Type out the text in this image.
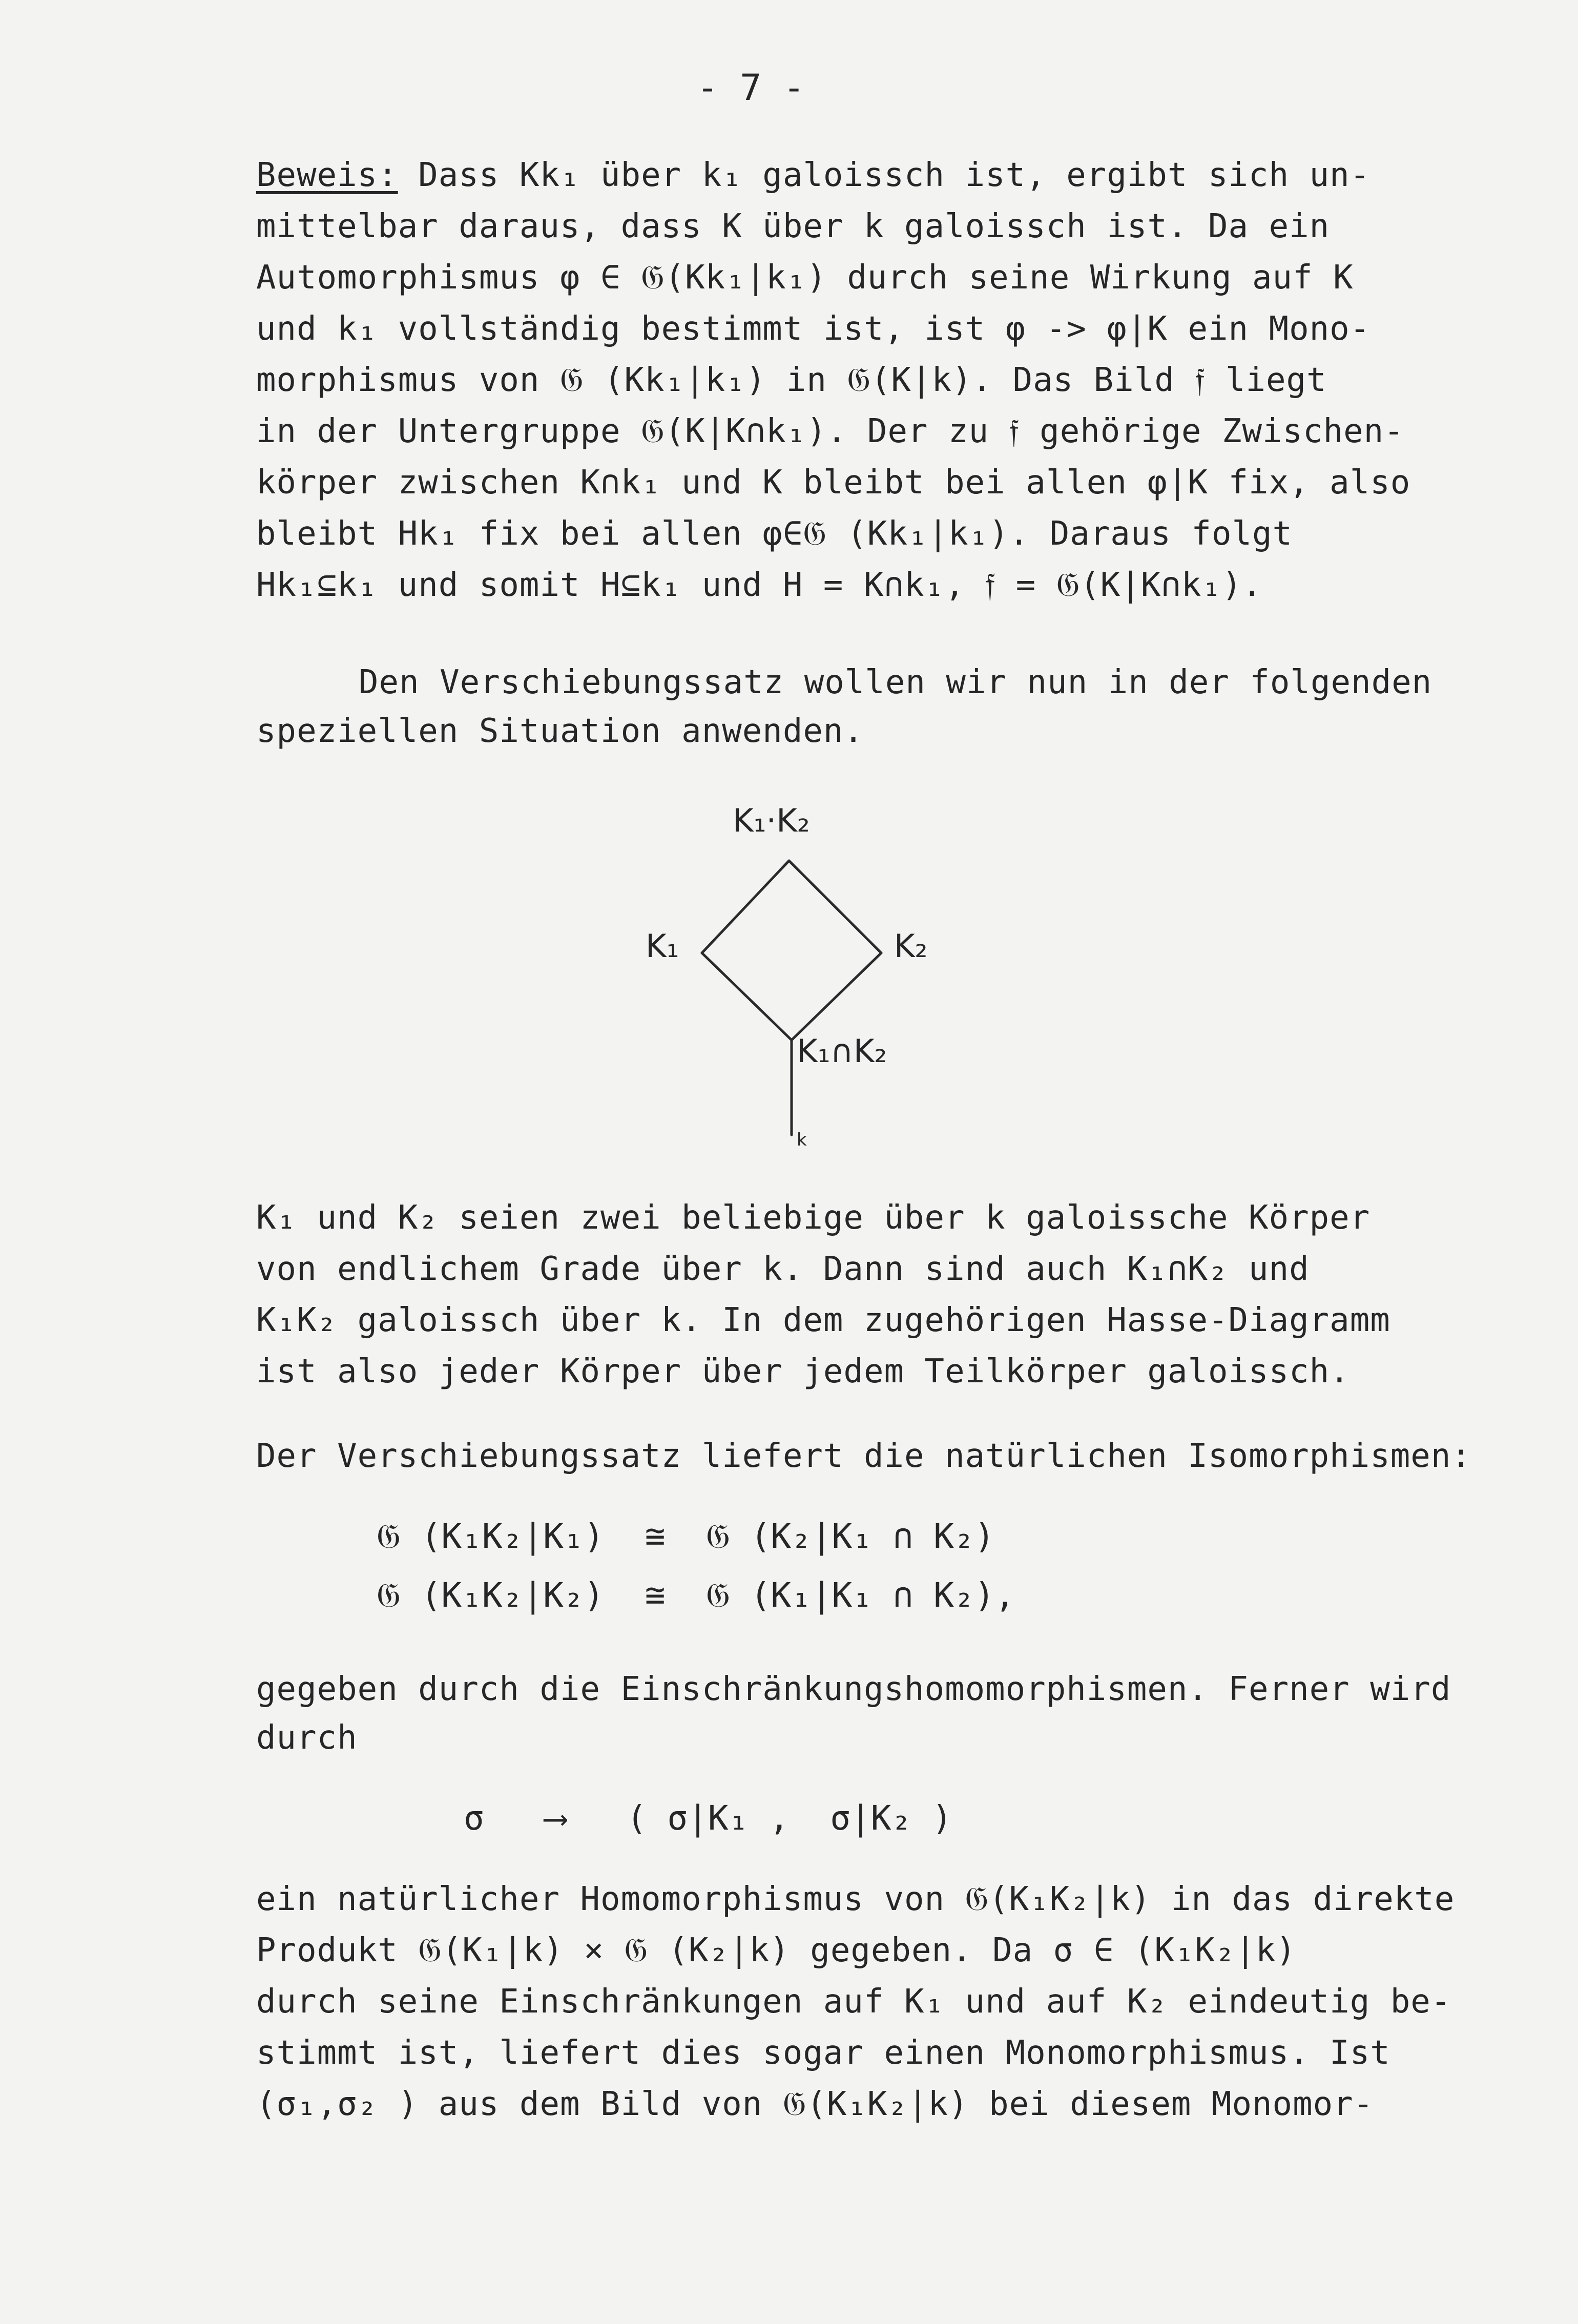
- 7 -
Beweis: Dass Kk₁ über k₁ galoissch ist, ergibt sich un-
mittelbar daraus, dass K über k galoissch ist. Da ein
Automorphismus φ ∈ 𝔊(Kk₁|k₁) durch seine Wirkung auf K
und k₁ vollständig bestimmt ist, ist φ -> φ|K ein Mono-
morphismus von 𝔊 (Kk₁|k₁) in 𝔊(K|k). Das Bild 𝔣 liegt
in der Untergruppe 𝔊(K|K∩k₁). Der zu 𝔣 gehörige Zwischen-
körper zwischen K∩k₁ und K bleibt bei allen φ|K fix, also
bleibt Hk₁ fix bei allen φ∈𝔊 (Kk₁|k₁). Daraus folgt
Hk₁⊆k₁ und somit H⊆k₁ und H = K∩k₁, 𝔣 = 𝔊(K|K∩k₁).
Den Verschiebungssatz wollen wir nun in der folgenden
speziellen Situation anwenden.
K₁·K₂
K₁	K₂
K₁∩K₂
k
K₁ und K₂ seien zwei beliebige über k galoissche Körper
von endlichem Grade über k. Dann sind auch K₁∩K₂ und
K₁K₂ galoissch über k. In dem zugehörigen Hasse-Diagramm
ist also jeder Körper über jedem Teilkörper galoissch.
Der Verschiebungssatz liefert die natürlichen Isomorphismen:
𝔊 (K₁K₂|K₁)  ≅  𝔊 (K₂|K₁ ∩ K₂)
𝔊 (K₁K₂|K₂)  ≅  𝔊 (K₁|K₁ ∩ K₂),
gegeben durch die Einschränkungshomomorphismen. Ferner wird
durch
σ   ⟶   ( σ|K₁ ,  σ|K₂ )
ein natürlicher Homomorphismus von 𝔊(K₁K₂|k) in das direkte
Produkt 𝔊(K₁|k) × 𝔊 (K₂|k) gegeben. Da σ ∈ (K₁K₂|k)
durch seine Einschränkungen auf K₁ und auf K₂ eindeutig be-
stimmt ist, liefert dies sogar einen Monomorphismus. Ist
(σ₁,σ₂ ) aus dem Bild von 𝔊(K₁K₂|k) bei diesem Monomor-
